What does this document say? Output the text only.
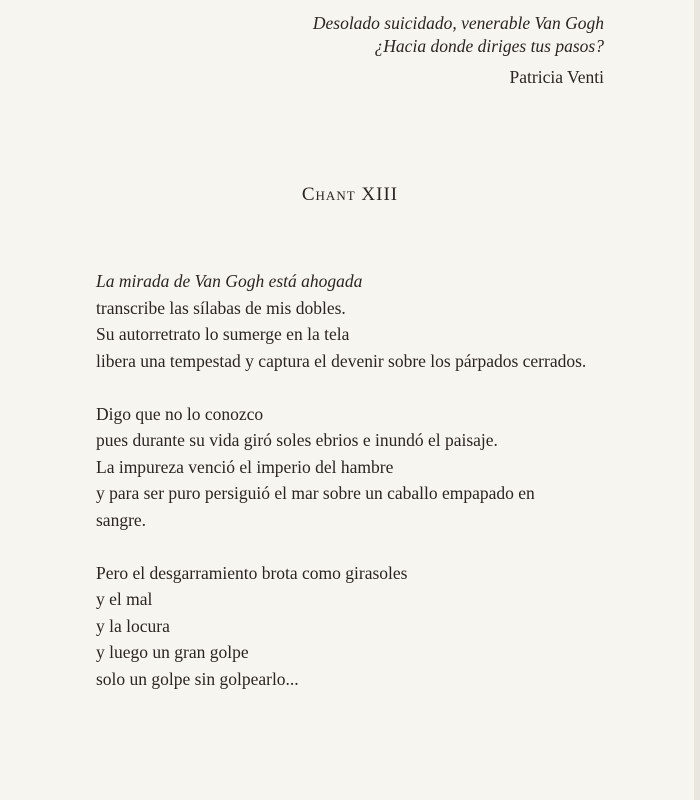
Desolado suicidado, venerable Van Gogh
¿Hacia donde diriges tus pasos?
Patricia Venti
Chant XIII
La mirada de Van Gogh está ahogada
transcribe las sílabas de mis dobles.
Su autorretrato lo sumerge en la tela
libera una tempestad y captura el devenir sobre los párpados cerrados.
Digo que no lo conozco
pues durante su vida giró soles ebrios e inundó el paisaje.
La impureza venció el imperio del hambre
y para ser puro persiguió el mar sobre un caballo empapado en
sangre.
Pero el desgarramiento brota como girasoles
y el mal
y la locura
y luego un gran golpe
solo un golpe sin golpearlo...
